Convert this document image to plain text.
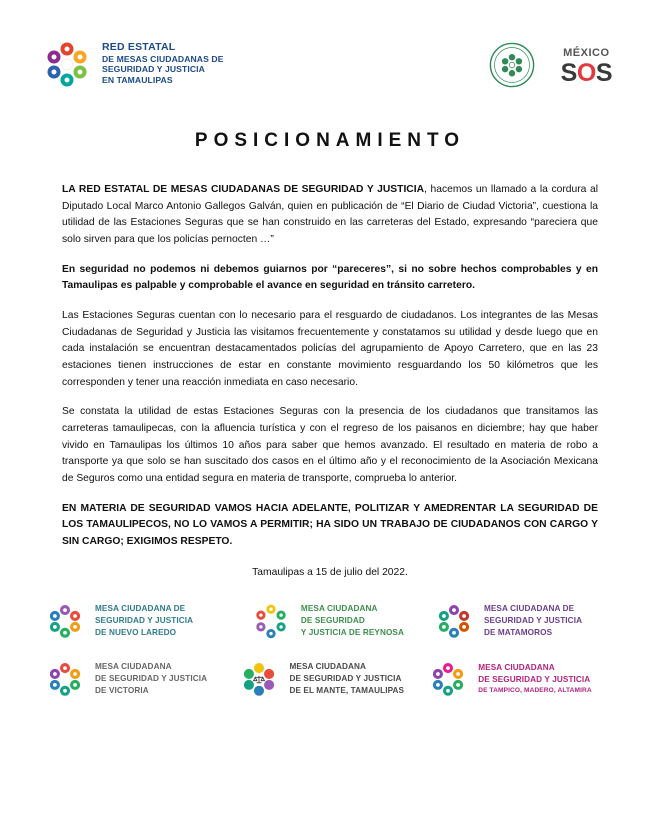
RED ESTATAL
DE MESAS CIUDADANAS DE
SEGURIDAD Y JUSTICIA
EN TAMAULIPAS
MÉXICO
SOS
POSICIONAMIENTO

LA RED ESTATAL DE MESAS CIUDADANAS DE SEGURIDAD Y JUSTICIA, hacemos un llamado a la cordura al Diputado Local Marco Antonio Gallegos Galván, quien en publicación de “El Diario de Ciudad Victoria”, cuestiona la utilidad de las Estaciones Seguras que se han construido en las carreteras del Estado, expresando “pareciera que solo sirven para que los policías pernocten …”

En seguridad no podemos ni debemos guiarnos por “pareceres”, si no sobre hechos comprobables y en Tamaulipas es palpable y comprobable el avance en seguridad en tránsito carretero.

Las Estaciones Seguras cuentan con lo necesario para el resguardo de ciudadanos. Los integrantes de las Mesas Ciudadanas de Seguridad y Justicia las visitamos frecuentemente y constatamos su utilidad y desde luego que en cada instalación se encuentran destacamentados policías del agrupamiento de Apoyo Carretero, que en las 23 estaciones tienen instrucciones de estar en constante movimiento resguardando los 50 kilómetros que les corresponden y tener una reacción inmediata en caso necesario.

Se constata la utilidad de estas Estaciones Seguras con la presencia de los ciudadanos que transitamos las carreteras tamaulipecas, con la afluencia turística y con el regreso de los paisanos en diciembre; hay que haber vivido en Tamaulipas los últimos 10 años para saber que hemos avanzado. El resultado en materia de robo a transporte ya que solo se han suscitado dos casos en el último año y el reconocimiento de la Asociación Mexicana de Seguros como una entidad segura en materia de transporte, comprueba lo anterior.

EN MATERIA DE SEGURIDAD VAMOS HACIA ADELANTE, POLITIZAR Y AMEDRENTAR LA SEGURIDAD DE LOS TAMAULIPECOS, NO LO VAMOS A PERMITIR; HA SIDO UN TRABAJO DE CIUDADANOS CON CARGO Y SIN CARGO; EXIGIMOS RESPETO.

Tamaulipas a 15 de julio del 2022.

MESA CIUDADANA DE
SEGURIDAD Y JUSTICIA
DE NUEVO LAREDO
MESA CIUDADANA
DE SEGURIDAD
Y JUSTICIA DE REYNOSA
MESA CIUDADANA DE
SEGURIDAD Y JUSTICIA
DE MATAMOROS
MESA CIUDADANA
DE SEGURIDAD Y JUSTICIA
DE VICTORIA
MESA CIUDADANA
DE SEGURIDAD Y JUSTICIA
DE EL MANTE, TAMAULIPAS
MESA CIUDADANA
DE SEGURIDAD Y JUSTICIA

DE TAMPICO, MADERO, ALTAMIRA
